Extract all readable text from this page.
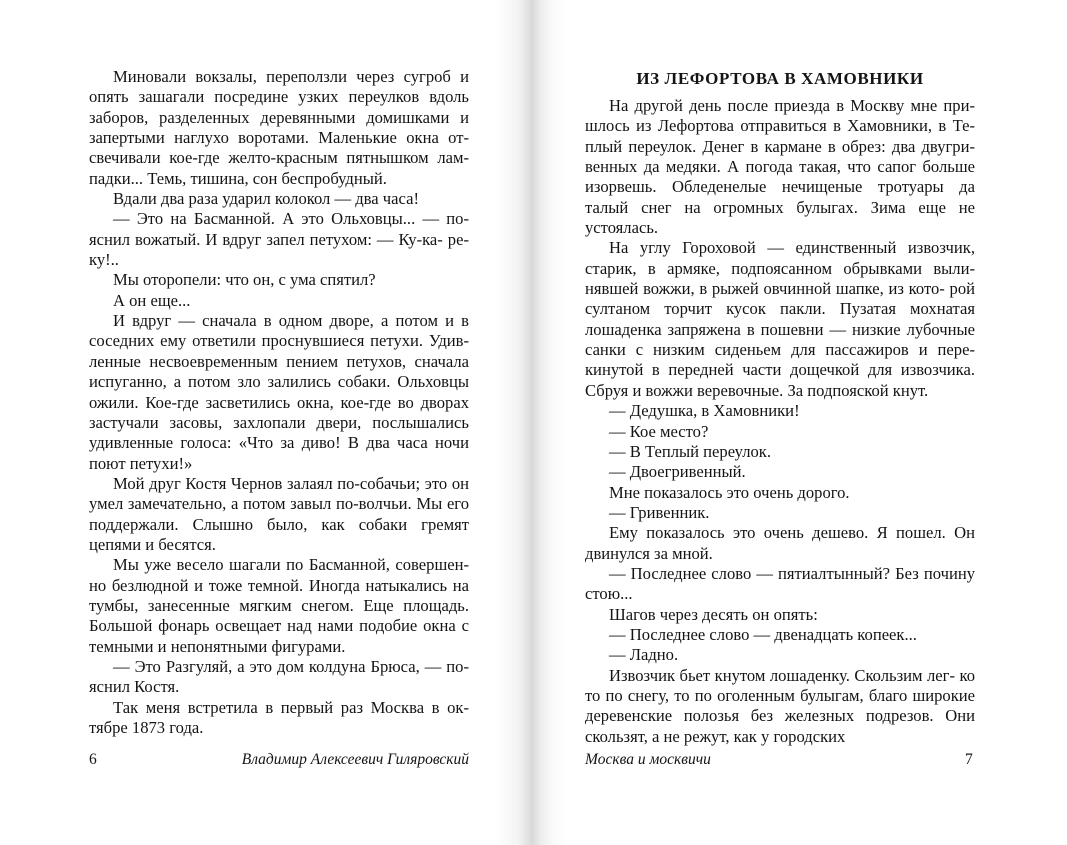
Миновали вокзалы, переползли через сугроб и опять зашагали посредине узких переулков вдоль заборов, разделенных деревянными домишками и запертыми наглухо воротами. Маленькие окна от- свечивали кое-где желто-красным пятнышком лам- падки... Темь, тишина, сон беспробудный.

Вдали два раза ударил колокол — два часа!

— Это на Басманной. А это Ольховцы... — по- яснил вожатый. И вдруг запел петухом: — Ку-ка- ре-ку!..

Мы оторопели: что он, с ума спятил?

А он еще...

И вдруг — сначала в одном дворе, а потом и в соседних ему ответили проснувшиеся петухи. Удив- ленные несвоевременным пением петухов, сначала испуганно, а потом зло залились собаки. Ольховцы ожили. Кое-где засветились окна, кое-где во дворах застучали засовы, захлопали двери, послышались удивленные голоса: «Что за диво! В два часа ночи поют петухи!»

Мой друг Костя Чернов залаял по-собачьи; это он умел замечательно, а потом завыл по-волчьи. Мы его поддержали. Слышно было, как собаки гремят цепями и бесятся.

Мы уже весело шагали по Басманной, совершен- но безлюдной и тоже темной. Иногда натыкались на тумбы, занесенные мягким снегом. Еще площадь. Большой фонарь освещает над нами подобие окна с темными и непонятными фигурами.

— Это Разгуляй, а это дом колдуна Брюса, — по- яснил Костя.

Так меня встретила в первый раз Москва в ок- тябре 1873 года.

6	Владимир Алексеевич Гиляровский
ИЗ ЛЕФОРТОВА В ХАМОВНИКИ

На другой день после приезда в Москву мне при- шлось из Лефортова отправиться в Хамовники, в Те- плый переулок. Денег в кармане в обрез: два двугри- венных да медяки. А погода такая, что сапог больше изорвешь. Обледенелые нечищеные тротуары да талый снег на огромных булыгах. Зима еще не устоялась.

На углу Гороховой — единственный извозчик, старик, в армяке, подпоясанном обрывками выли- нявшей вожжи, в рыжей овчинной шапке, из кото- рой султаном торчит кусок пакли. Пузатая мохнатая лошаденка запряжена в пошевни — низкие лубочные санки с низким сиденьем для пассажиров и пере- кинутой в передней части дощечкой для извозчика. Сбруя и вожжи веревочные. За подпояской кнут.

— Дедушка, в Хамовники!

— Кое место?

— В Теплый переулок.

— Двоегривенный.

Мне показалось это очень дорого.

— Гривенник.

Ему показалось это очень дешево. Я пошел. Он двинулся за мной.

— Последнее слово — пятиалтынный? Без почину стою...

Шагов через десять он опять:

— Последнее слово — двенадцать копеек...

— Ладно.

Извозчик бьет кнутом лошаденку. Скользим лег- ко то по снегу, то по оголенным булыгам, благо широкие деревенские полозья без железных подрезов. Они скользят, а не режут, как у городских

Москва и москвичи	7
